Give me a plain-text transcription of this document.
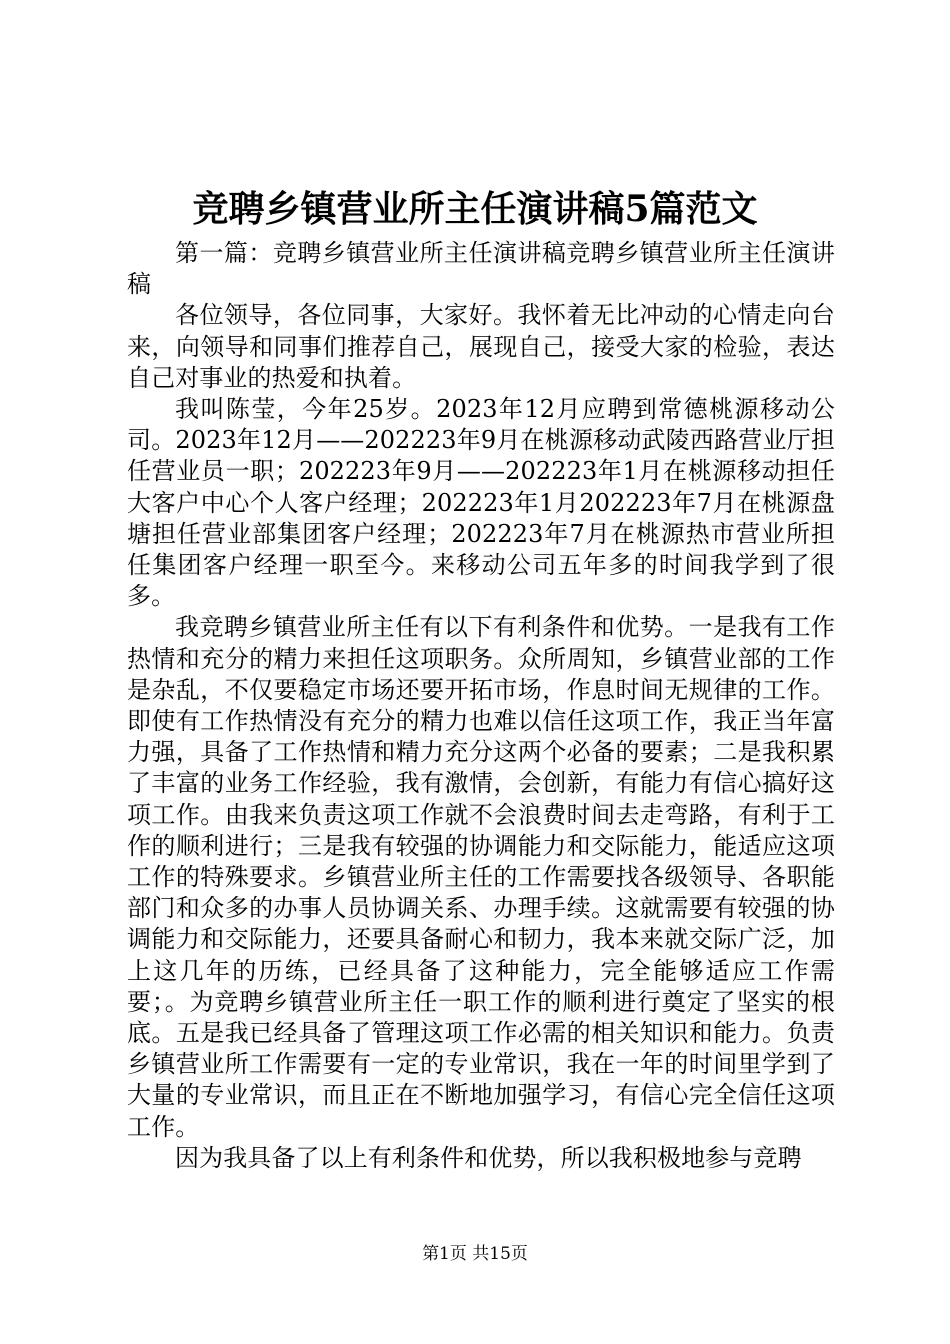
竞聘乡镇营业所主任演讲稿5篇范文

第一篇：竞聘乡镇营业所主任演讲稿竞聘乡镇营业所主任演讲稿

各位领导，各位同事，大家好。我怀着无比冲动的心情走向台来，向领导和同事们推荐自己，展现自己，接受大家的检验，表达自己对事业的热爱和执着。

我叫陈莹，今年25岁。2023年12月应聘到常德桃源移动公司。2023年12月——202223年9月在桃源移动武陵西路营业厅担任营业员一职；202223年9月——202223年1月在桃源移动担任大客户中心个人客户经理；202223年1月202223年7月在桃源盘塘担任营业部集团客户经理；202223年7月在桃源热市营业所担任集团客户经理一职至今。来移动公司五年多的时间我学到了很多。

我竞聘乡镇营业所主任有以下有利条件和优势。一是我有工作热情和充分的精力来担任这项职务。众所周知，乡镇营业部的工作是杂乱，不仅要稳定市场还要开拓市场，作息时间无规律的工作。即使有工作热情没有充分的精力也难以信任这项工作，我正当年富力强，具备了工作热情和精力充分这两个必备的要素；二是我积累了丰富的业务工作经验，我有激情，会创新，有能力有信心搞好这项工作。由我来负责这项工作就不会浪费时间去走弯路，有利于工作的顺利进行；三是我有较强的协调能力和交际能力，能适应这项工作的特殊要求。乡镇营业所主任的工作需要找各级领导、各职能部门和众多的办事人员协调关系、办理手续。这就需要有较强的协调能力和交际能力，还要具备耐心和韧力，我本来就交际广泛，加上这几年的历练，已经具备了这种能力，完全能够适应工作需要；。为竞聘乡镇营业所主任一职工作的顺利进行奠定了坚实的根底。五是我已经具备了管理这项工作必需的相关知识和能力。负责乡镇营业所工作需要有一定的专业常识，我在一年的时间里学到了大量的专业常识，而且正在不断地加强学习，有信心完全信任这项工作。

因为我具备了以上有利条件和优势，所以我积极地参与竞聘

第1页 共15页
